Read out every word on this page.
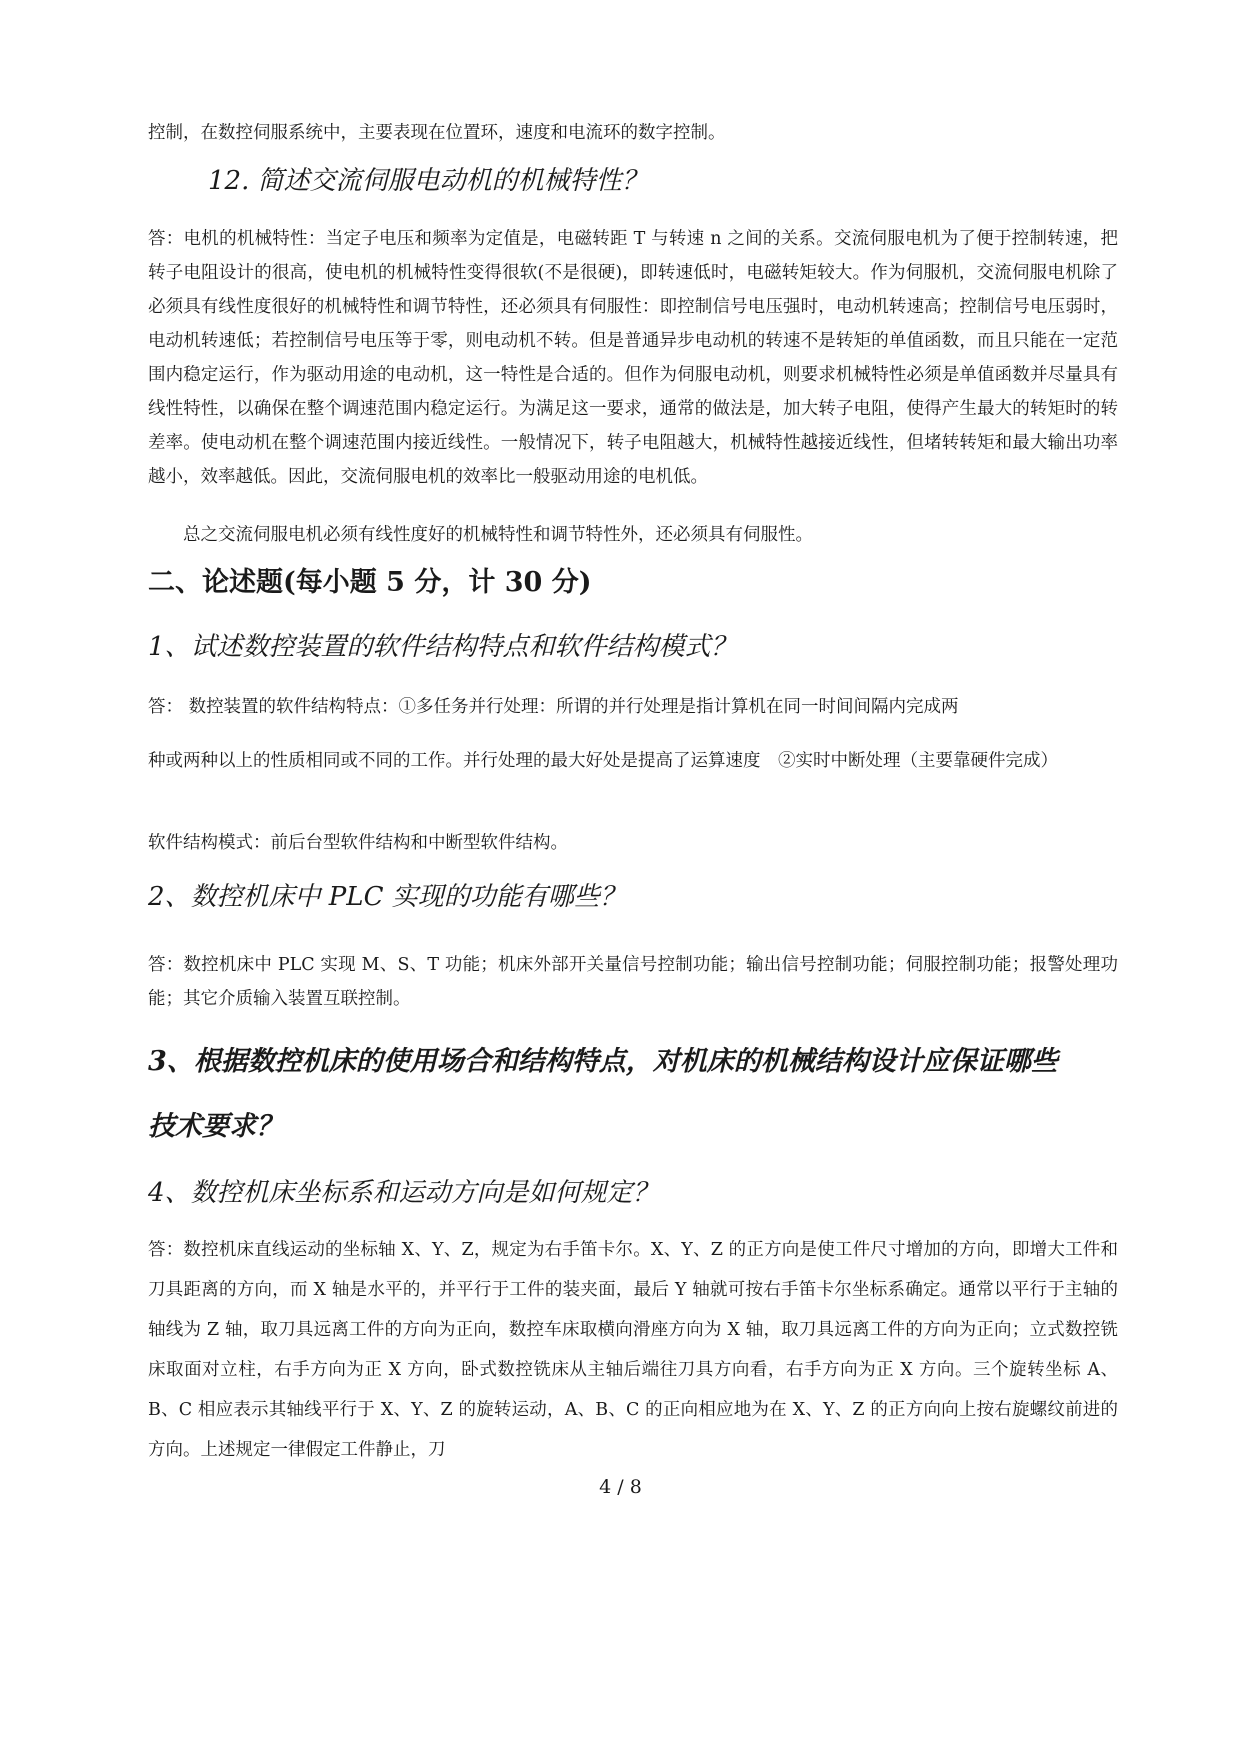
控制，在数控伺服系统中，主要表现在位置环，速度和电流环的数字控制。
12. 简述交流伺服电动机的机械特性？
答：电机的机械特性：当定子电压和频率为定值是，电磁转距 T 与转速 n 之间的关系。交流伺服电机为了便于控制转速，把转子电阻设计的很高，使电机的机械特性变得很软(不是很硬)，即转速低时，电磁转矩较大。作为伺服机，交流伺服电机除了必须具有线性度很好的机械特性和调节特性，还必须具有伺服性：即控制信号电压强时，电动机转速高；控制信号电压弱时，电动机转速低；若控制信号电压等于零，则电动机不转。但是普通异步电动机的转速不是转矩的单值函数，而且只能在一定范围内稳定运行，作为驱动用途的电动机，这一特性是合适的。但作为伺服电动机，则要求机械特性必须是单值函数并尽量具有线性特性，以确保在整个调速范围内稳定运行。为满足这一要求，通常的做法是，加大转子电阻，使得产生最大的转矩时的转差率。使电动机在整个调速范围内接近线性。一般情况下，转子电阻越大，机械特性越接近线性，但堵转转矩和最大输出功率越小，效率越低。因此，交流伺服电机的效率比一般驱动用途的电机低。
总之交流伺服电机必须有线性度好的机械特性和调节特性外，还必须具有伺服性。
二、论述题(每小题 5 分，计 30 分)
1、试述数控装置的软件结构特点和软件结构模式？
答： 数控装置的软件结构特点：①多任务并行处理：所谓的并行处理是指计算机在同一时间间隔内完成两
种或两种以上的性质相同或不同的工作。并行处理的最大好处是提高了运算速度　②实时中断处理（主要靠硬件完成）
软件结构模式：前后台型软件结构和中断型软件结构。
2、数控机床中 PLC 实现的功能有哪些？
答：数控机床中 PLC 实现 M、S、T 功能；机床外部开关量信号控制功能；输出信号控制功能；伺服控制功能；报警处理功能；其它介质输入装置互联控制。
3、根据数控机床的使用场合和结构特点，对机床的机械结构设计应保证哪些
技术要求？
4、数控机床坐标系和运动方向是如何规定？
答：数控机床直线运动的坐标轴 X、Y、Z，规定为右手笛卡尔。X、Y、Z 的正方向是使工件尺寸增加的方向，即增大工件和刀具距离的方向，而 X 轴是水平的，并平行于工件的装夹面，最后 Y 轴就可按右手笛卡尔坐标系确定。通常以平行于主轴的轴线为 Z 轴，取刀具远离工件的方向为正向，数控车床取横向滑座方向为 X 轴，取刀具远离工件的方向为正向；立式数控铣床取面对立柱，右手方向为正 X 方向，卧式数控铣床从主轴后端往刀具方向看，右手方向为正 X 方向。三个旋转坐标 A、B、C 相应表示其轴线平行于 X、Y、Z 的旋转运动，A、B、C 的正向相应地为在 X、Y、Z 的正方向向上按右旋螺纹前进的方向。上述规定一律假定工件静止，刀
4 / 8
